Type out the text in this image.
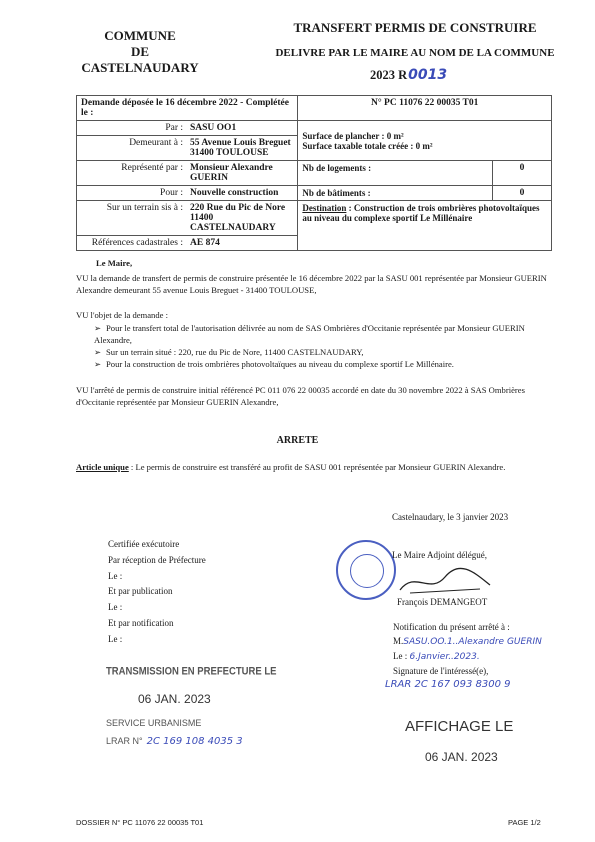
COMMUNE
DE
CASTELNAUDARY
TRANSFERT PERMIS DE CONSTRUIRE
DELIVRE PAR LE MAIRE AU NOM DE LA COMMUNE
2023 R0013
Demande déposée le 16 décembre 2022 - Complétée le :		N° PC 11076 22 00035 T01	
Par :	SASU OO1	Surface de plancher : 0 m²
Surface taxable totale créée : 0 m²	

Demeurant à :	55 Avenue Louis Breguet
31400 TOULOUSE		

Représenté par :	Monsieur Alexandre GUERIN	Nb de logements :	0
Pour :	Nouvelle construction	Nb de bâtiments :	0
Sur un terrain sis à :	220 Rue du Pic de Nore
11400 CASTELNAUDARY	Destination : Construction de trois ombrières photovoltaïques au niveau du complexe sportif Le Millénaire	
Références cadastrales :	AE 874		
Le Maire,
VU la demande de transfert de permis de construire présentée le 16 décembre 2022 par la SASU 001 représentée par Monsieur GUERIN Alexandre demeurant 55 avenue Louis Breguet - 31400 TOULOUSE,
VU l'objet de la demande :
➢ Pour le transfert total de l'autorisation délivrée au nom de SAS Ombrières d'Occitanie représentée par Monsieur GUERIN Alexandre,
➢ Sur un terrain situé : 220, rue du Pic de Nore, 11400 CASTELNAUDARY,
➢ Pour la construction de trois ombrières photovoltaïques au niveau du complexe sportif Le Millénaire.
VU l'arrêté de permis de construire initial référencé PC 011 076 22 00035 accordé en date du 30 novembre 2022 à SAS Ombrières d'Occitanie représentée par Monsieur GUERIN Alexandre,
ARRETE
Article unique : Le permis de construire est transféré au profit de SASU 001 représentée par Monsieur GUERIN Alexandre.
Certifiée exécutoire
Par réception de Préfecture
Le :
Et par publication
Le :
Et par notification
Le :
Castelnaudary, le 3 janvier 2023
Le Maire Adjoint délégué,
François DEMANGEOT
Notification du présent arrêté à :
M.SASU.OO.1..Alexandre GUERIN
Le : 6.Janvier..2023.
Signature de l'intéressé(e),
LRAR 2C 167 093 8300 9
TRANSMISSION EN PREFECTURE LE
06 JAN. 2023
SERVICE URBANISME
LRAR N° 2C 169 108 4035 3
AFFICHAGE LE
06 JAN. 2023
DOSSIER N° PC 11076 22 00035 T01	PAGE 1/2
